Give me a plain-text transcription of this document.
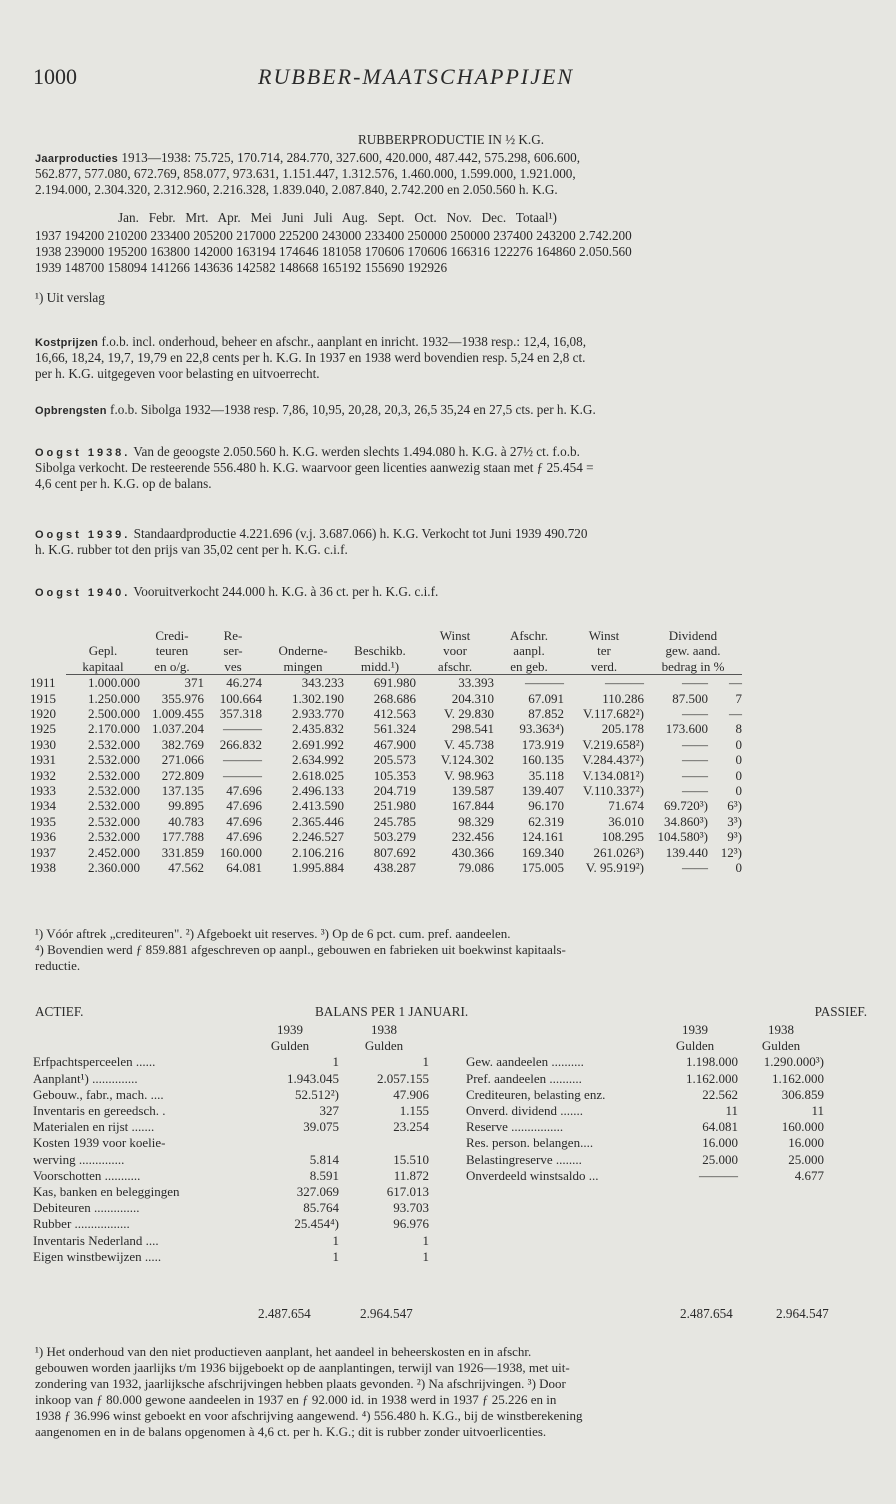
1000	RUBBER-MAATSCHAPPIJEN
RUBBERPRODUCTIE IN ½ K.G.
Jaarproducties 1913—1938: 75.725, 170.714, 284.770, 327.600, 420.000, 487.442, 575.298, 606.600,
562.877, 577.080, 672.769, 858.077, 973.631, 1.151.447, 1.312.576, 1.460.000, 1.599.000, 1.921.000,
2.194.000, 2.304.320, 2.312.960, 2.216.328, 1.839.040, 2.087.840, 2.742.200 en 2.050.560 h. K.G.
Jan.   Febr.   Mrt.   Apr.   Mei   Juni   Juli   Aug.   Sept.   Oct.   Nov.   Dec.   Totaal¹)
1937 194200 210200 233400 205200 217000 225200 243000 233400 250000 250000 237400 243200 2.742.200
1938 239000 195200 163800 142000 163194 174646 181058 170606 170606 166316 122276 164860 2.050.560
1939 148700 158094 141266 143636 142582 148668 165192 155690 192926
¹) Uit verslag
Kostprijzen f.o.b. incl. onderhoud, beheer en afschr., aanplant en inricht. 1932—1938 resp.: 12,4, 16,08,
16,66, 18,24, 19,7, 19,79 en 22,8 cents per h. K.G. In 1937 en 1938 werd bovendien resp. 5,24 en 2,8 ct.
per h. K.G. uitgegeven voor belasting en uitvoerrecht.
Opbrengsten f.o.b. Sibolga 1932—1938 resp. 7,86, 10,95, 20,28, 20,3, 26,5 35,24 en 27,5 cts. per h. K.G.
Oogst 1938. Van de geoogste 2.050.560 h. K.G. werden slechts 1.494.080 h. K.G. à 27½ ct. f.o.b.
Sibolga verkocht. De resteerende 556.480 h. K.G. waarvoor geen licenties aanwezig staan met ƒ 25.454 =
4,6 cent per h. K.G. op de balans.
Oogst 1939. Standaardproductie 4.221.696 (v.j. 3.687.066) h. K.G. Verkocht tot Juni 1939 490.720
h. K.G. rubber tot den prijs van 35,02 cent per h. K.G. c.i.f.
Oogst 1940. Vooruitverkocht 244.000 h. K.G. à 36 ct. per h. K.G. c.i.f.
		Credi-	Re-			Winst	Afschr.	Winst	Dividend	
	Gepl.	teuren	ser-	Onderne-	Beschikb.	voor	aanpl.	ter	gew. aand.	
	kapitaal	en o/g.	ves	mingen	midd.¹)	afschr.	en geb.	verd.	bedrag in %	
1911	1.000.000	371	46.274	343.233	691.980	33.393	———	———	——	—
1915	1.250.000	355.976	100.664	1.302.190	268.686	204.310	67.091	110.286	87.500	7
1920	2.500.000	1.009.455	357.318	2.933.770	412.563	V. 29.830	87.852	V.117.682²)	——	—
1925	2.170.000	1.037.204	———	2.435.832	561.324	298.541	93.363⁴)	205.178	173.600	8
1930	2.532.000	382.769	266.832	2.691.992	467.900	V. 45.738	173.919	V.219.658²)	——	0
1931	2.532.000	271.066	———	2.634.992	205.573	V.124.302	160.135	V.284.437²)	——	0
1932	2.532.000	272.809	———	2.618.025	105.353	V. 98.963	35.118	V.134.081²)	——	0
1933	2.532.000	137.135	47.696	2.496.133	204.719	139.587	139.407	V.110.337²)	——	0
1934	2.532.000	99.895	47.696	2.413.590	251.980	167.844	96.170	71.674	69.720³)	6³)
1935	2.532.000	40.783	47.696	2.365.446	245.785	98.329	62.319	36.010	34.860³)	3³)
1936	2.532.000	177.788	47.696	2.246.527	503.279	232.456	124.161	108.295	104.580³)	9³)
1937	2.452.000	331.859	160.000	2.106.216	807.692	430.366	169.340	261.026³)	139.440	12³)
1938	2.360.000	47.562	64.081	1.995.884	438.287	79.086	175.005	V. 95.919²)	——	0
¹) Vóór aftrek „crediteuren". ²) Afgeboekt uit reserves. ³) Op de 6 pct. cum. pref. aandeelen.
⁴) Bovendien werd ƒ 859.881 afgeschreven op aanpl., gebouwen en fabrieken uit boekwinst kapitaals-
reductie.
ACTIEF.	BALANS PER 1 JANUARI.	PASSIEF.
	1939	1938
	Gulden	Gulden
Erfpachtsperceelen ......	1	1
Aanplant¹) ..............	1.943.045	2.057.155
Gebouw., fabr., mach. ....	52.512²)	47.906
Inventaris en gereedsch. .	327	1.155
Materialen en rijst .......	39.075	23.254
Kosten 1939 voor koelie-		
werving ..............	5.814	15.510
Voorschotten ...........	8.591	11.872
Kas, banken en beleggingen	327.069	617.013
Debiteuren ..............	85.764	93.703
Rubber .................	25.454⁴)	96.976
Inventaris Nederland ....	1	1
Eigen winstbewijzen .....	1	1
	1939	1938
	Gulden	Gulden
Gew. aandeelen ..........	1.198.000	1.290.000³)
Pref. aandeelen ..........	1.162.000	1.162.000
Crediteuren, belasting enz.	22.562	306.859
Onverd. dividend .......	11	11
Reserve ................	64.081	160.000
Res. person. belangen....	16.000	16.000
Belastingreserve ........	25.000	25.000
Onverdeeld winstsaldo ...	———	4.677
2.487.654	2.964.547	2.487.654	2.964.547
¹) Het onderhoud van den niet productieven aanplant, het aandeel in beheerskosten en in afschr.
gebouwen worden jaarlijks t/m 1936 bijgeboekt op de aanplantingen, terwijl van 1926—1938, met uit-
zondering van 1932, jaarlijksche afschrijvingen hebben plaats gevonden. ²) Na afschrijvingen. ³) Door
inkoop van ƒ 80.000 gewone aandeelen in 1937 en ƒ 92.000 id. in 1938 werd in 1937 ƒ 25.226 en in
1938 ƒ 36.996 winst geboekt en voor afschrijving aangewend. ⁴) 556.480 h. K.G., bij de winstberekening
aangenomen en in de balans opgenomen à 4,6 ct. per h. K.G.; dit is rubber zonder uitvoerlicenties.
